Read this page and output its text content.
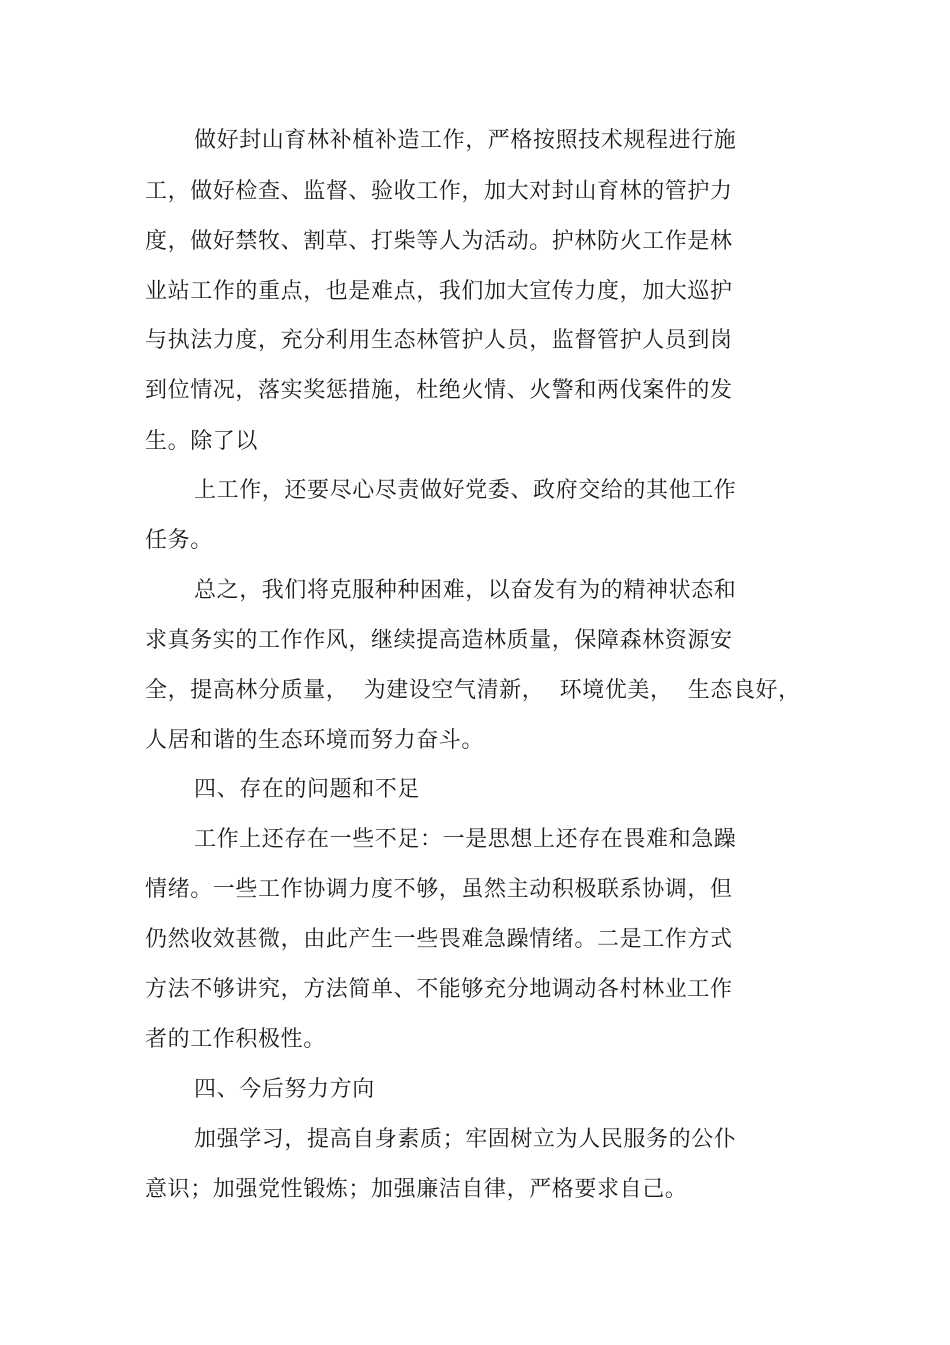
做好封山育林补植补造工作，严格按照技术规程进行施
工，做好检查、监督、验收工作，加大对封山育林的管护力
度，做好禁牧、割草、打柴等人为活动。护林防火工作是林
业站工作的重点，也是难点，我们加大宣传力度，加大巡护
与执法力度，充分利用生态林管护人员，监督管护人员到岗
到位情况，落实奖惩措施，杜绝火情、火警和两伐案件的发
生。除了以
上工作，还要尽心尽责做好党委、政府交给的其他工作
任务。
总之，我们将克服种种困难，以奋发有为的精神状态和
求真务实的工作作风，继续提高造林质量，保障森林资源安
全，提高林分质量，  为建设空气清新，  环境优美，  生态良好，
人居和谐的生态环境而努力奋斗。
四、存在的问题和不足
工作上还存在一些不足：一是思想上还存在畏难和急躁
情绪。一些工作协调力度不够，虽然主动积极联系协调，但
仍然收效甚微，由此产生一些畏难急躁情绪。二是工作方式
方法不够讲究，方法简单、不能够充分地调动各村林业工作
者的工作积极性。
四、今后努力方向
加强学习，提高自身素质；牢固树立为人民服务的公仆
意识；加强党性锻炼；加强廉洁自律，严格要求自己。
